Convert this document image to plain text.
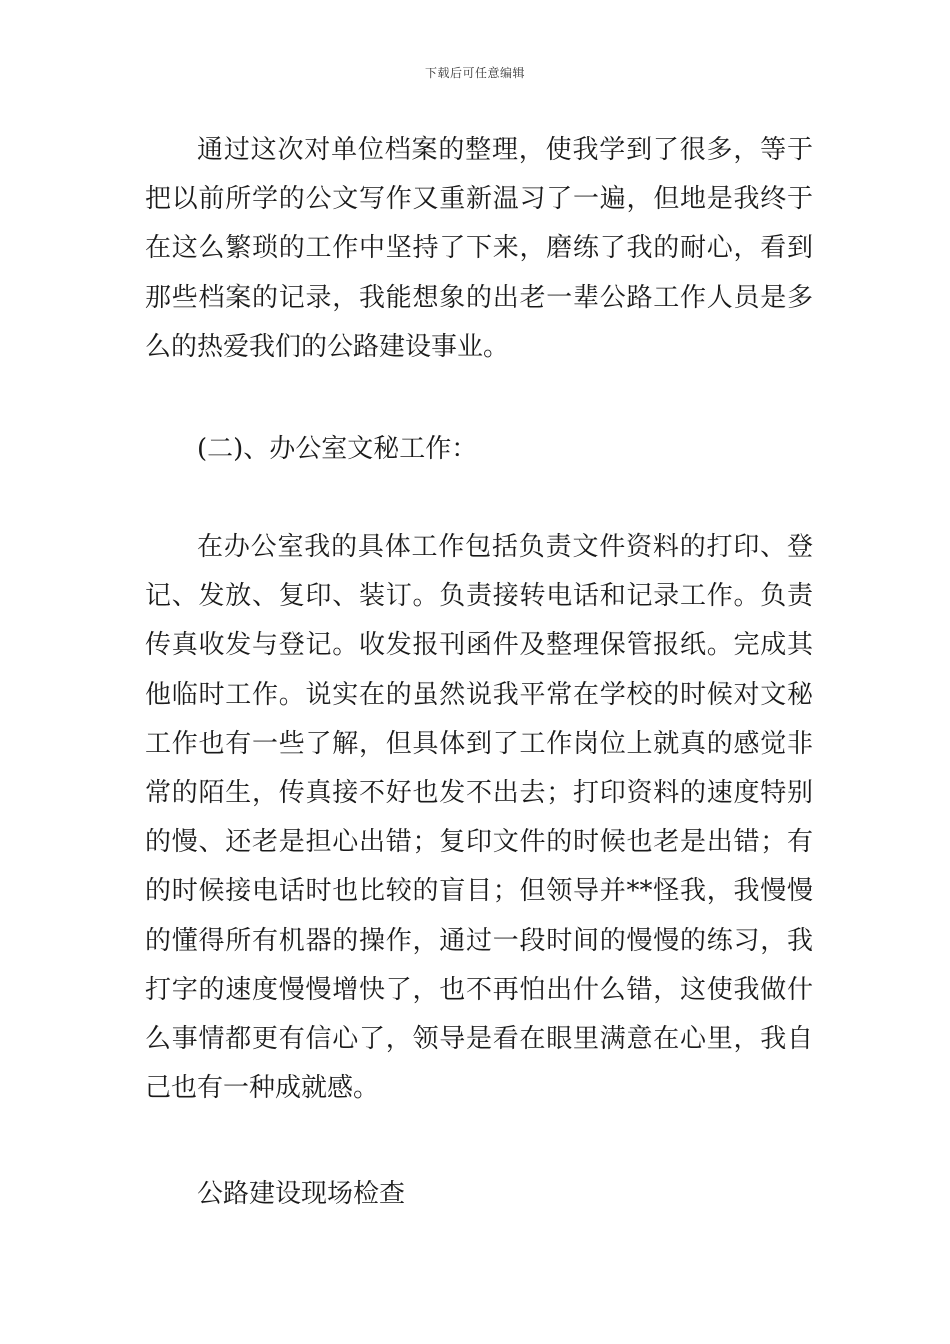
下载后可任意编辑

通过这次对单位档案的整理，使我学到了很多，等于把以前所学的公文写作又重新温习了一遍，但地是我终于在这么繁琐的工作中坚持了下来，磨练了我的耐心，看到那些档案的记录，我能想象的出老一辈公路工作人员是多么的热爱我们的公路建设事业。

(二)、办公室文秘工作：

在办公室我的具体工作包括负责文件资料的打印、登记、发放、复印、装订。负责接转电话和记录工作。负责传真收发与登记。收发报刊函件及整理保管报纸。完成其他临时工作。说实在的虽然说我平常在学校的时候对文秘工作也有一些了解，但具体到了工作岗位上就真的感觉非常的陌生，传真接不好也发不出去；打印资料的速度特别的慢、还老是担心出错；复印文件的时候也老是出错；有的时候接电话时也比较的盲目；但领导并**怪我，我慢慢的懂得所有机器的操作，通过一段时间的慢慢的练习，我打字的速度慢慢增快了，也不再怕出什么错，这使我做什么事情都更有信心了，领导是看在眼里满意在心里，我自己也有一种成就感。

公路建设现场检查
